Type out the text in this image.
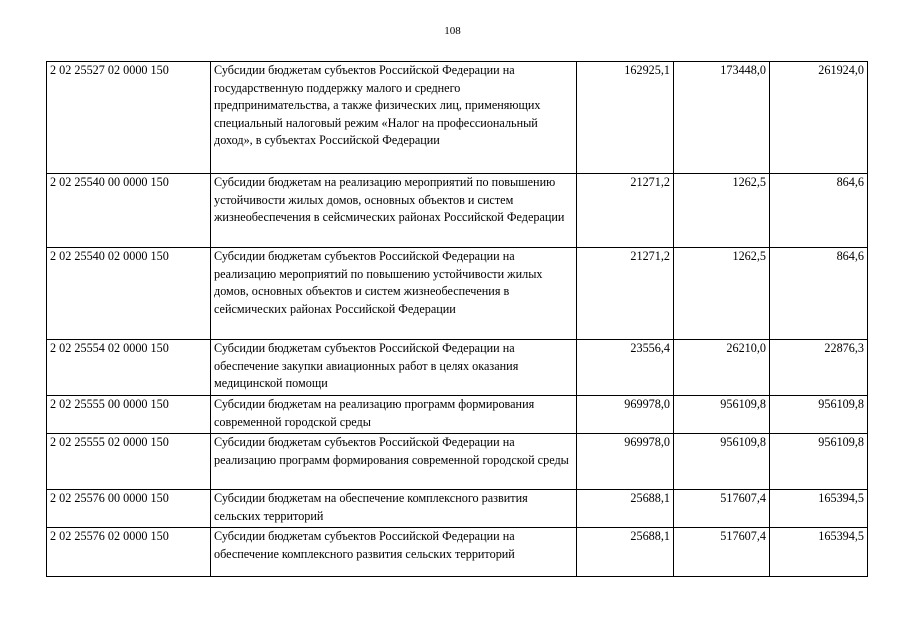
108
2 02 25527 02 0000 150	Субсидии бюджетам субъектов Российской Федерации на государственную поддержку малого и среднего предпринимательства, а также физических лиц, применяющих специальный налоговый режим «Налог на профессиональный доход», в субъектах Российской Федерации	162925,1	173448,0	261924,0
2 02 25540 00 0000 150	Субсидии бюджетам на реализацию мероприятий по повышению устойчивости жилых домов, основных объектов и систем жизнеобеспечения в сейсмических районах Российской Федерации	21271,2	1262,5	864,6
2 02 25540 02 0000 150	Субсидии бюджетам субъектов Российской Федерации на реализацию мероприятий по повышению устойчивости жилых домов, основных объектов и систем жизнеобеспечения в сейсмических районах Российской Федерации	21271,2	1262,5	864,6
2 02 25554 02 0000 150	Субсидии бюджетам субъектов Российской Федерации на обеспечение закупки авиационных работ в целях оказания медицинской помощи	23556,4	26210,0	22876,3
2 02 25555 00 0000 150	Субсидии бюджетам на реализацию программ формирования современной городской среды	969978,0	956109,8	956109,8
2 02 25555 02 0000 150	Субсидии бюджетам субъектов Российской Федерации на реализацию программ формирования современной городской среды	969978,0	956109,8	956109,8
2 02 25576 00 0000 150	Субсидии бюджетам на обеспечение комплексного развития сельских территорий	25688,1	517607,4	165394,5
2 02 25576 02 0000 150	Субсидии бюджетам субъектов Российской Федерации на обеспечение комплексного развития сельских территорий	25688,1	517607,4	165394,5
